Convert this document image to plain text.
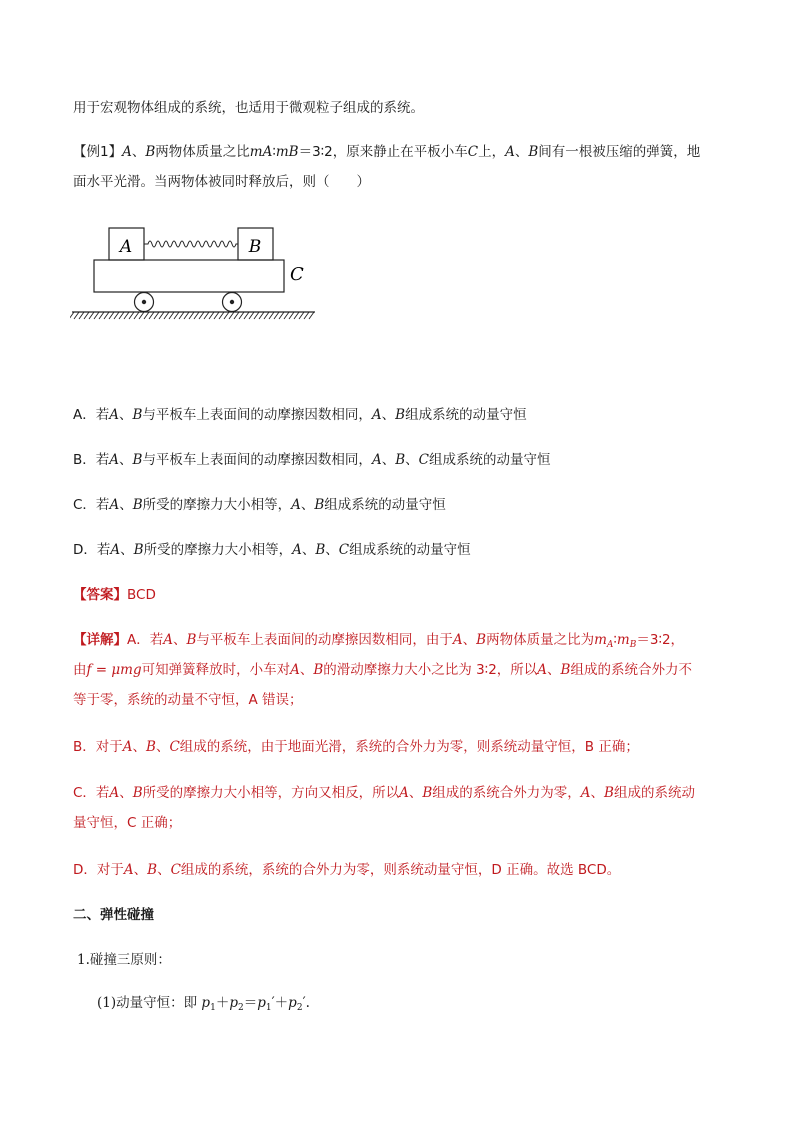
用于宏观物体组成的系统，也适用于微观粒子组成的系统。
【例1】A、B两物体质量之比mA∶mB＝3∶2，原来静止在平板小车C上，A、B间有一根被压缩的弹簧，地
面水平光滑。当两物体被同时释放后，则（　　）
A	B
C
A．若A、B与平板车上表面间的动摩擦因数相同，A、B组成系统的动量守恒
B．若A、B与平板车上表面间的动摩擦因数相同，A、B、C组成系统的动量守恒
C．若A、B所受的摩擦力大小相等，A、B组成系统的动量守恒
D．若A、B所受的摩擦力大小相等，A、B、C组成系统的动量守恒
【答案】BCD
【详解】A．若A、B与平板车上表面间的动摩擦因数相同，由于A、B两物体质量之比为$m_A∶m_B=3∶2$，
由f = μmg可知弹簧释放时，小车对A、B的滑动摩擦力大小之比为 3∶2，所以A、B组成的系统合外力不
等于零，系统的动量不守恒，A 错误；
B．对于A、B、C组成的系统，由于地面光滑，系统的合外力为零，则系统动量守恒，B 正确；
C．若A、B所受的摩擦力大小相等，方向又相反，所以A、B组成的系统合外力为零，A、B组成的系统动
量守恒，C 正确；
D．对于A、B、C组成的系统，系统的合外力为零，则系统动量守恒，D 正确。故选 BCD。
二、弹性碰撞
1.碰撞三原则：
(1)动量守恒：即 $p_1+p_2=p_1'+p_2'$.
